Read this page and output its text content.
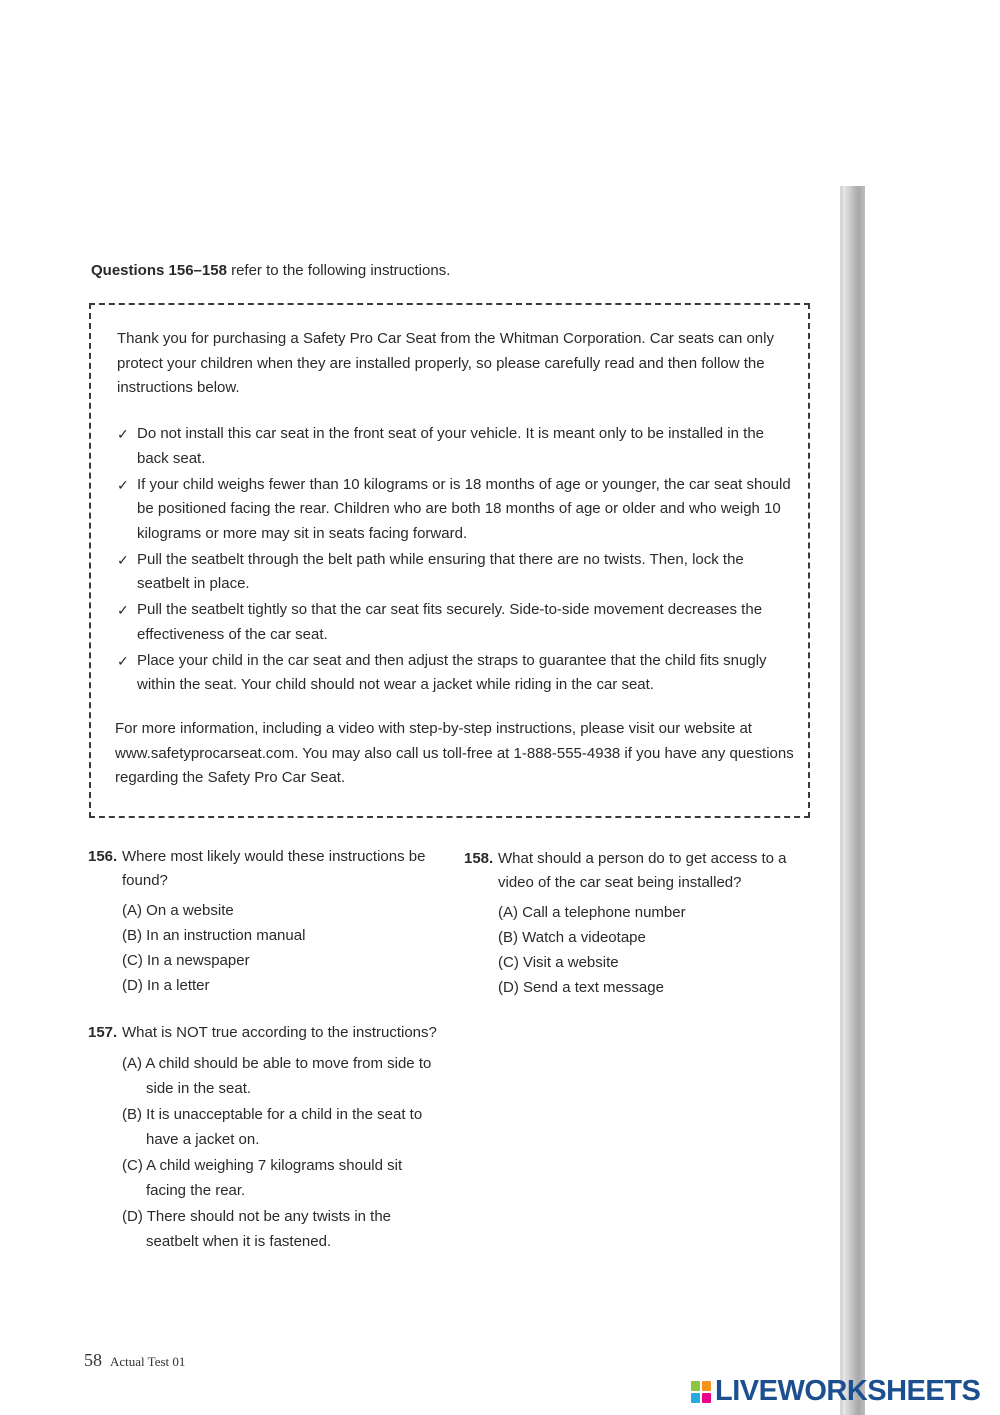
Questions 156–158 refer to the following instructions.
Thank you for purchasing a Safety Pro Car Seat from the Whitman Corporation. Car seats can only protect your children when they are installed properly, so please carefully read and then follow the instructions below.
✓ Do not install this car seat in the front seat of your vehicle. It is meant only to be installed in the back seat.
✓ If your child weighs fewer than 10 kilograms or is 18 months of age or younger, the car seat should be positioned facing the rear. Children who are both 18 months of age or older and who weigh 10 kilograms or more may sit in seats facing forward.
✓ Pull the seatbelt through the belt path while ensuring that there are no twists. Then, lock the seatbelt in place.
✓ Pull the seatbelt tightly so that the car seat fits securely. Side-to-side movement decreases the effectiveness of the car seat.
✓ Place your child in the car seat and then adjust the straps to guarantee that the child fits snugly within the seat. Your child should not wear a jacket while riding in the car seat.
For more information, including a video with step-by-step instructions, please visit our website at www.safetyprocarseat.com. You may also call us toll-free at 1-888-555-4938 if you have any questions regarding the Safety Pro Car Seat.
156. Where most likely would these instructions be found?
(A) On a website
(B) In an instruction manual
(C) In a newspaper
(D) In a letter
157. What is NOT true according to the instructions?
(A) A child should be able to move from side to side in the seat.
(B) It is unacceptable for a child in the seat to have a jacket on.
(C) A child weighing 7 kilograms should sit facing the rear.
(D) There should not be any twists in the seatbelt when it is fastened.
158. What should a person do to get access to a video of the car seat being installed?
(A) Call a telephone number
(B) Watch a videotape
(C) Visit a website
(D) Send a text message
58 Actual Test 01
LIVEWORKSHEETS
